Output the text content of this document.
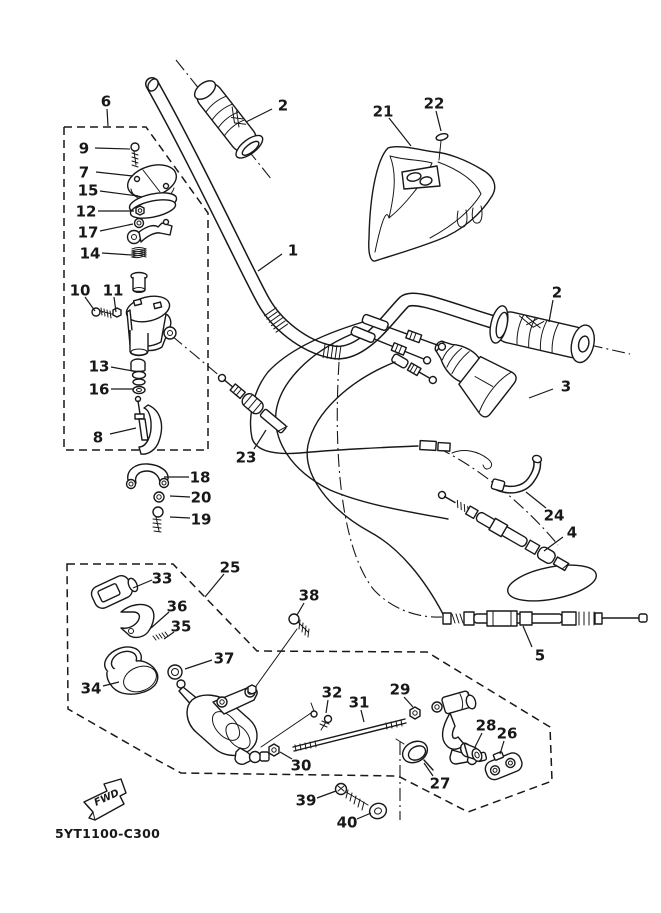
FWD
5YT1100-C300
1
2
2
3
4
5
6
7
8
9
10 11
12
13
14
15
16
17
18
19
20
21 22
23
24
25
26
27
28
29
30
31
32
33
34
35
36
37
38
39
40
